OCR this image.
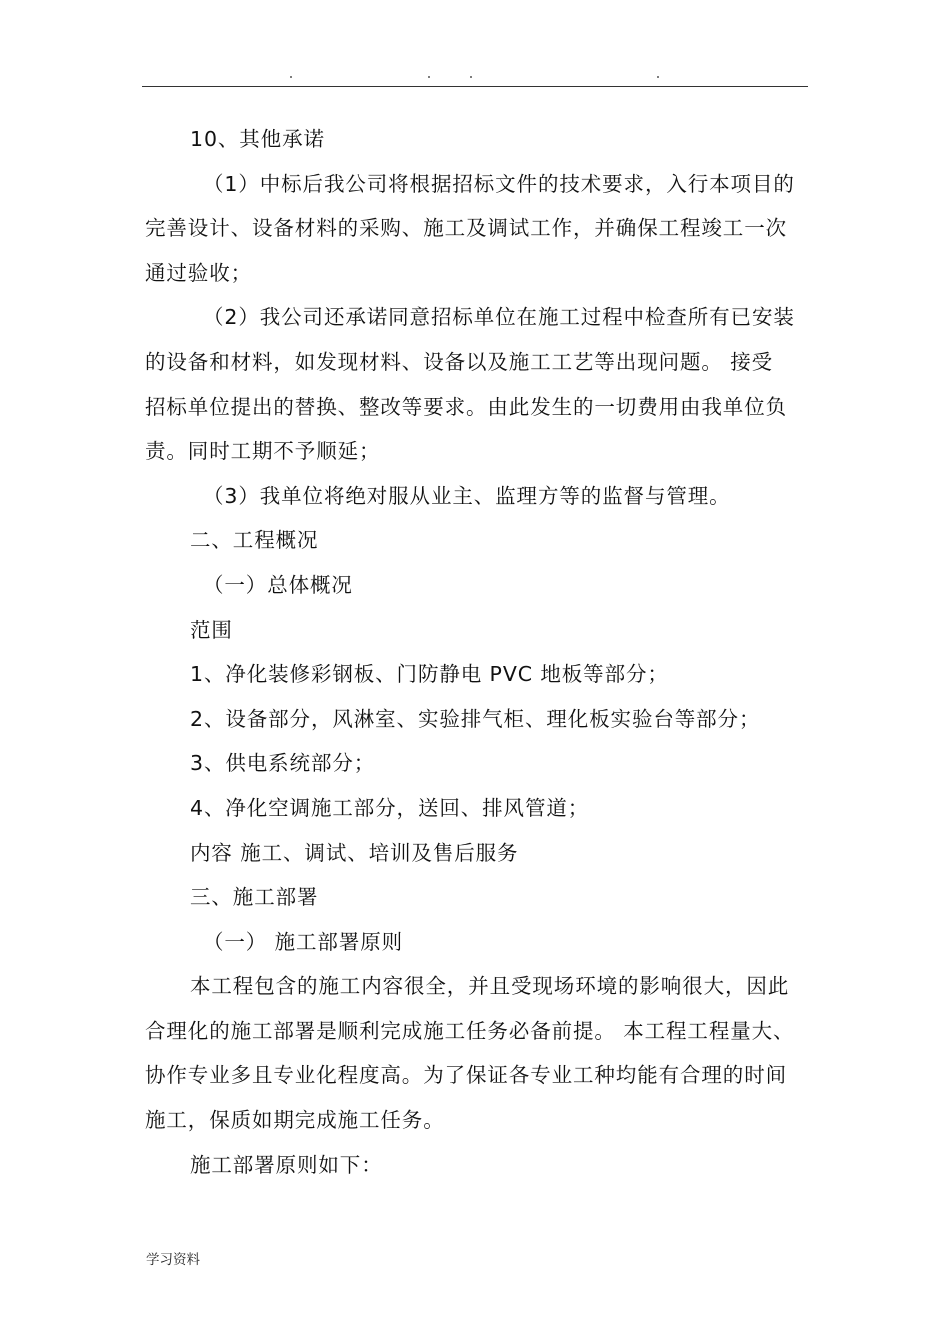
10、其他承诺
（1）中标后我公司将根据招标文件的技术要求，入行本项目的
完善设计、设备材料的采购、施工及调试工作，并确保工程竣工一次
通过验收；
（2）我公司还承诺同意招标单位在施工过程中检查所有已安装
的设备和材料，如发现材料、设备以及施工工艺等出现问题。 接受
招标单位提出的替换、整改等要求。由此发生的一切费用由我单位负
责。同时工期不予顺延；
（3）我单位将绝对服从业主、监理方等的监督与管理。
二、工程概况
（一）总体概况
范围
1、净化装修彩钢板、门防静电 PVC 地板等部分；
2、设备部分，风淋室、实验排气柜、理化板实验台等部分；
3、供电系统部分；
4、净化空调施工部分，送回、排风管道；
内容 施工、调试、培训及售后服务
三、施工部署
（一） 施工部署原则
本工程包含的施工内容很全，并且受现场环境的影响很大，因此
合理化的施工部署是顺利完成施工任务必备前提。 本工程工程量大、
协作专业多且专业化程度高。为了保证各专业工种均能有合理的时间
施工，保质如期完成施工任务。
施工部署原则如下：
学习资料
